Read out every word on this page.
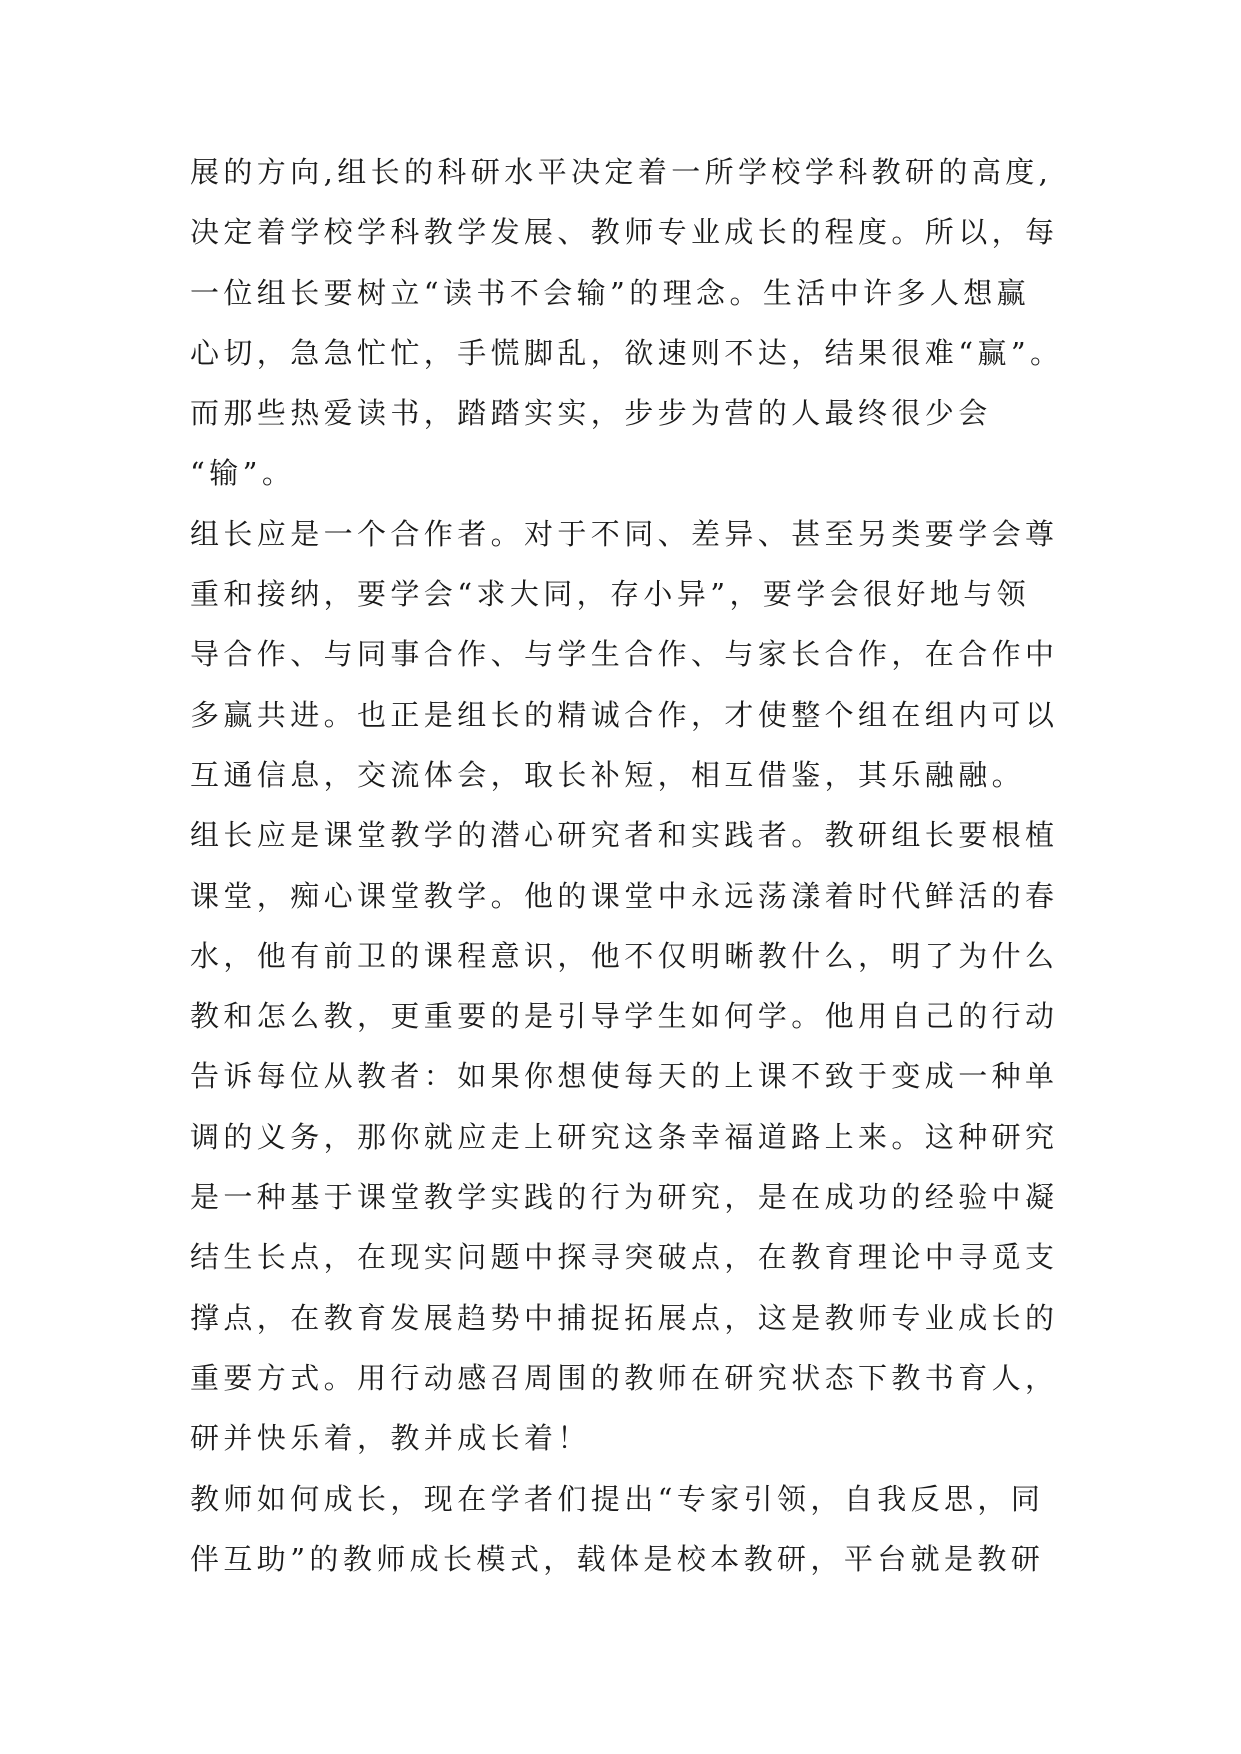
展的方向,组长的科研水平决定着一所学校学科教研的高度,
决定着学校学科教学发展、教师专业成长的程度。所以，每
一位组长要树立“读书不会输”的理念。生活中许多人想赢
心切，急急忙忙，手慌脚乱，欲速则不达，结果很难“赢”。
而那些热爱读书，踏踏实实，步步为营的人最终很少会
“输”。
组长应是一个合作者。对于不同、差异、甚至另类要学会尊
重和接纳，要学会“求大同，存小异”，要学会很好地与领
导合作、与同事合作、与学生合作、与家长合作，在合作中
多赢共进。也正是组长的精诚合作，才使整个组在组内可以
互通信息，交流体会，取长补短，相互借鉴，其乐融融。
组长应是课堂教学的潜心研究者和实践者。教研组长要根植
课堂，痴心课堂教学。他的课堂中永远荡漾着时代鲜活的春
水，他有前卫的课程意识，他不仅明晰教什么，明了为什么
教和怎么教，更重要的是引导学生如何学。他用自己的行动
告诉每位从教者：如果你想使每天的上课不致于变成一种单
调的义务，那你就应走上研究这条幸福道路上来。这种研究
是一种基于课堂教学实践的行为研究，是在成功的经验中凝
结生长点，在现实问题中探寻突破点，在教育理论中寻觅支
撑点，在教育发展趋势中捕捉拓展点，这是教师专业成长的
重要方式。用行动感召周围的教师在研究状态下教书育人，
研并快乐着，教并成长着！
教师如何成长，现在学者们提出“专家引领，自我反思，同
伴互助”的教师成长模式，载体是校本教研，平台就是教研
